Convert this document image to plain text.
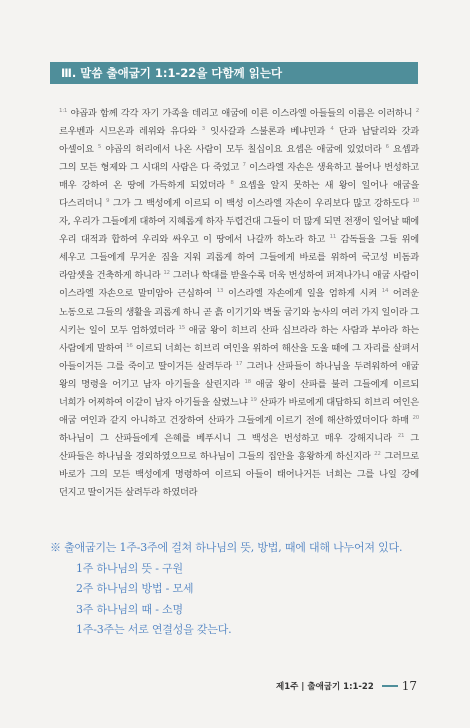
Ⅲ. 말씀 출애굽기 1:1-22을 다함께 읽는다
$^{1:1}$ 야곱과 함께 각각 자기 가족을 데리고 애굽에 이른 이스라엘 아들들의 이름은 이러하니 $^2$ 르우벤과 시므온과 레위와 유다와 $^3$ 잇사갈과 스불론과 베냐민과 $^4$ 단과 납달리와 갓과 아셀이요 $^5$ 야곱의 허리에서 나온 사람이 모두 칠십이요 요셉은 애굽에 있었더라 $^6$ 요셉과 그의 모든 형제와 그 시대의 사람은 다 죽었고 $^7$ 이스라엘 자손은 생육하고 불어나 번성하고 매우 강하여 온 땅에 가득하게 되었더라 $^8$ 요셉을 알지 못하는 새 왕이 일어나 애굽을 다스리더니 $^9$ 그가 그 백성에게 이르되 이 백성 이스라엘 자손이 우리보다 많고 강하도다 $^{10}$ 자, 우리가 그들에게 대하여 지혜롭게 하자 두렵건대 그들이 더 많게 되면 전쟁이 일어날 때에 우리 대적과 합하여 우리와 싸우고 이 땅에서 나갈까 하노라 하고 $^{11}$ 감독들을 그들 위에 세우고 그들에게 무거운 짐을 지워 괴롭게 하여 그들에게 바로를 위하여 국고성 비돔과 라암셋을 건축하게 하니라 $^{12}$ 그러나 학대를 받을수록 더욱 번성하여 퍼져나가니 애굽 사람이 이스라엘 자손으로 말미암아 근심하여 $^{13}$ 이스라엘 자손에게 일을 엄하게 시켜 $^{14}$ 어려운 노동으로 그들의 생활을 괴롭게 하니 곧 흙 이기기와 벽돌 굽기와 농사의 여러 가지 일이라 그 시키는 일이 모두 엄하였더라 $^{15}$ 애굽 왕이 히브리 산파 십브라라 하는 사람과 부아라 하는 사람에게 말하여 $^{16}$ 이르되 너희는 히브리 여인을 위하여 해산을 도울 때에 그 자리를 살펴서 아들이거든 그를 죽이고 딸이거든 살려두라 $^{17}$ 그러나 산파들이 하나님을 두려워하여 애굽 왕의 명령을 어기고 남자 아기들을 살린지라 $^{18}$ 애굽 왕이 산파를 불러 그들에게 이르되 너희가 어찌하여 이같이 남자 아기들을 살렸느냐 $^{19}$ 산파가 바로에게 대답하되 히브리 여인은 애굽 여인과 같지 아니하고 건장하여 산파가 그들에게 이르기 전에 해산하였더이다 하매 $^{20}$ 하나님이 그 산파들에게 은혜를 베푸시니 그 백성은 번성하고 매우 강해지니라 $^{21}$ 그 산파들은 하나님을 경외하였으므로 하나님이 그들의 집안을 흥왕하게 하신지라 $^{22}$ 그러므로 바로가 그의 모든 백성에게 명령하여 이르되 아들이 태어나거든 너희는 그를 나일 강에 던지고 딸이거든 살려두라 하였더라
※ 출애굽기는 1주-3주에 걸쳐 하나님의 뜻, 방법, 때에 대해 나누어져 있다.
1주 하나님의 뜻 - 구원
2주 하나님의 방법 - 모세
3주 하나님의 때 - 소명
1주-3주는 서로 연결성을 갖는다.
제1주 | 출애굽기 1:1-22	17
